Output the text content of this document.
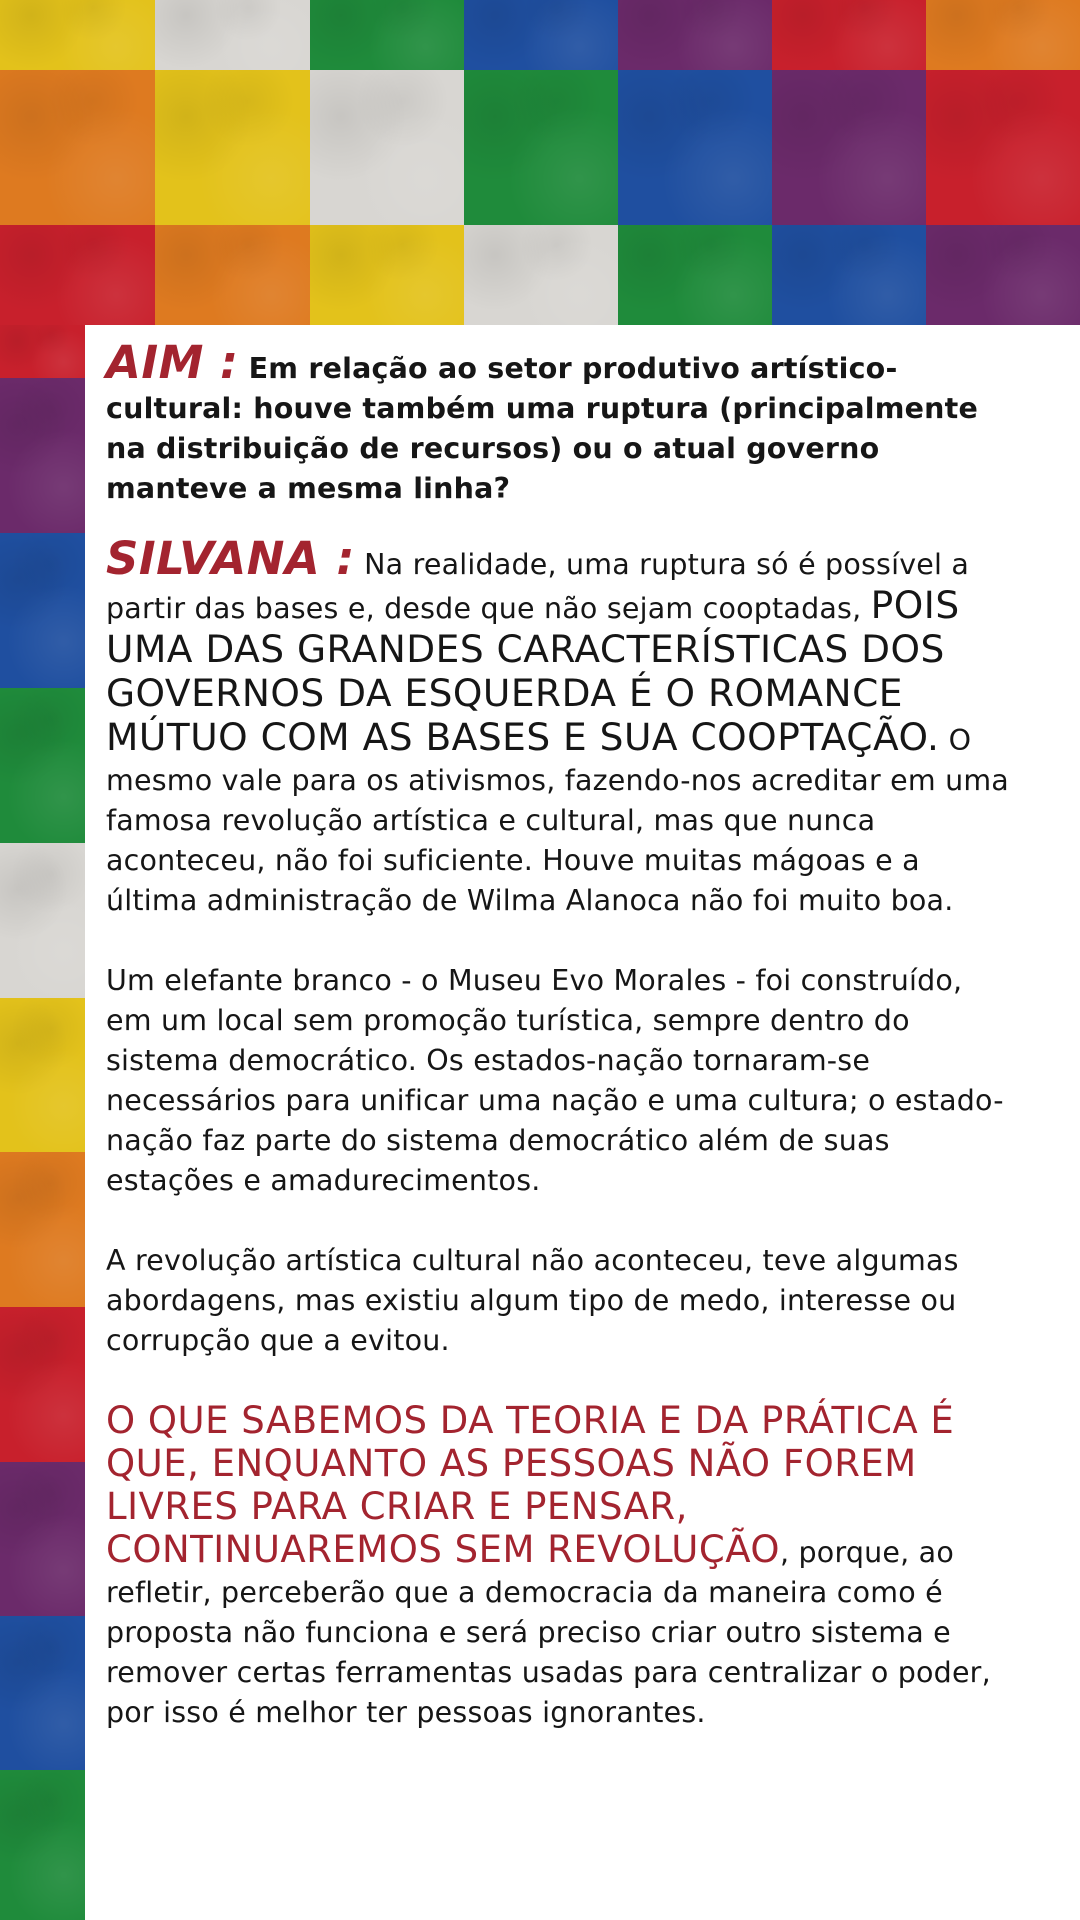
AIM : Em relação ao setor produtivo artístico-cultural: houve também uma ruptura (principalmente na distribuição de recursos) ou o atual governo manteve a mesma linha?

SILVANA : Na realidade, uma ruptura só é possível a partir das bases e, desde que não sejam cooptadas, POIS UMA DAS GRANDES CARACTERÍSTICAS DOS GOVERNOS DA ESQUERDA É O ROMANCE MÚTUO COM AS BASES E SUA COOPTAÇÃO. O mesmo vale para os ativismos, fazendo-nos acreditar em uma famosa revolução artística e cultural, mas que nunca aconteceu, não foi suficiente. Houve muitas mágoas e a última administração de Wilma Alanoca não foi muito boa.

Um elefante branco - o Museu Evo Morales - foi construído, em um local sem promoção turística, sempre dentro do sistema democrático. Os estados-nação tornaram-se necessários para unificar uma nação e uma cultura; o estado-nação faz parte do sistema democrático além de suas estações e amadurecimentos.

A revolução artística cultural não aconteceu, teve algumas abordagens, mas existiu algum tipo de medo, interesse ou corrupção que a evitou.

O QUE SABEMOS DA TEORIA E DA PRÁTICA É QUE, ENQUANTO AS PESSOAS NÃO FOREM LIVRES PARA CRIAR E PENSAR, CONTINUAREMOS SEM REVOLUÇÃO, porque, ao refletir, perceberão que a democracia da maneira como é proposta não funciona e será preciso criar outro sistema e remover certas ferramentas usadas para centralizar o poder, por isso é melhor ter pessoas ignorantes.
